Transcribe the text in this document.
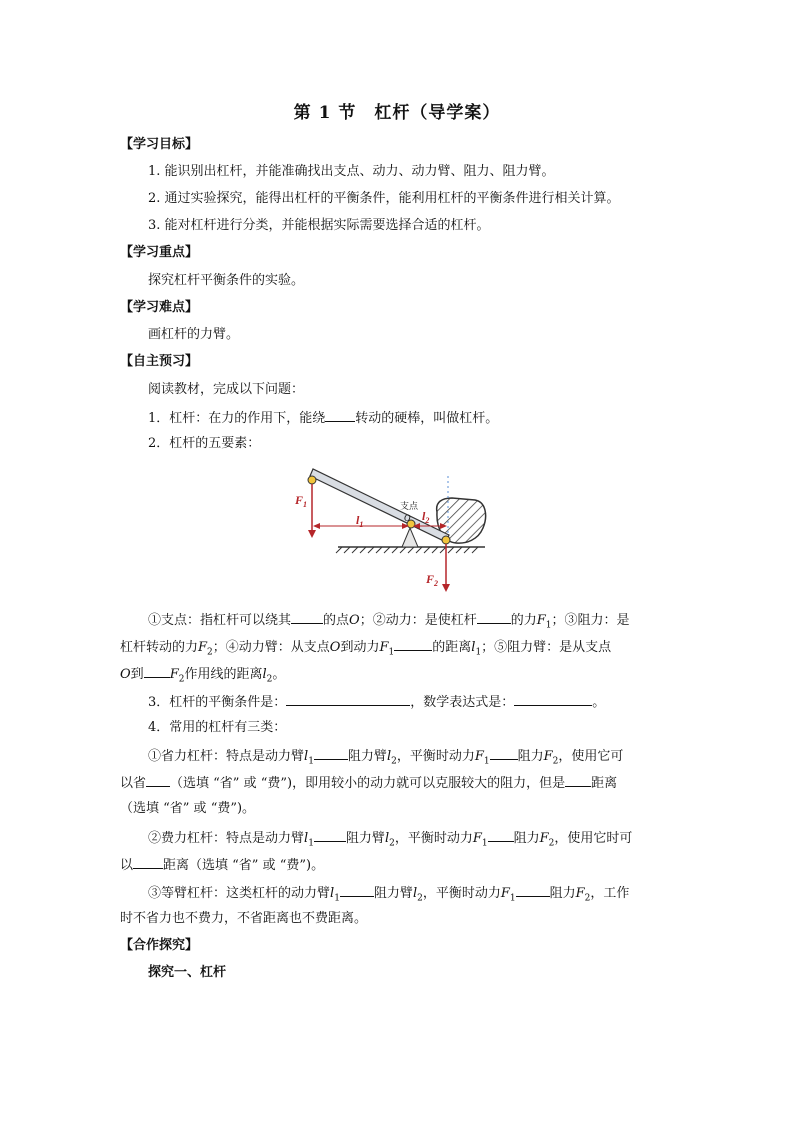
第 1 节　杠杆（导学案）
【学习目标】
1. 能识别出杠杆，并能准确找出支点、动力、动力臂、阻力、阻力臂。
2. 通过实验探究，能得出杠杆的平衡条件，能利用杠杆的平衡条件进行相关计算。
3. 能对杠杆进行分类，并能根据实际需要选择合适的杠杆。
【学习重点】
探究杠杆平衡条件的实验。
【学习难点】
画杠杆的力臂。
【自主预习】
阅读教材，完成以下问题：
1．杠杆：在力的作用下，能绕 转动的硬棒，叫做杠杆。
2．杠杆的五要素：
$F_1$
$l_1$
$l_2$
$F_2$
支点
O
①支点：指杠杆可以绕其 的点O；②动力：是使杠杆	的力$F_1$；③阻力：是
杠杆转动的力$F_2$；④动力臂：从支点O到动力$F_1$	的距离$l_1$；⑤阻力臂：是从支点
O到 $F_2$作用线的距离$l_2$。
3．杠杆的平衡条件是：	，数学表达式是：	。
4．常用的杠杆有三类：
①省力杠杆：特点是动力臂$l_1$	阻力臂$l_2$，平衡时动力$F_1$ 阻力$F_2$，使用它可
以省 （选填 “省” 或 “费”)，即用较小的动力就可以克服较大的阻力，但是 距离
（选填 “省” 或 “费”)。
②费力杠杆：特点是动力臂$l_1$ 阻力臂$l_2$，平衡时动力$F_1$ 阻力$F_2$，使用它时可
以 距离（选填 “省” 或 “费”)。
③等臂杠杆：这类杠杆的动力臂$l_1$	阻力臂$l_2$，平衡时动力$F_1$	阻力$F_2$，工作
时不省力也不费力，不省距离也不费距离。
【合作探究】
探究一、杠杆
